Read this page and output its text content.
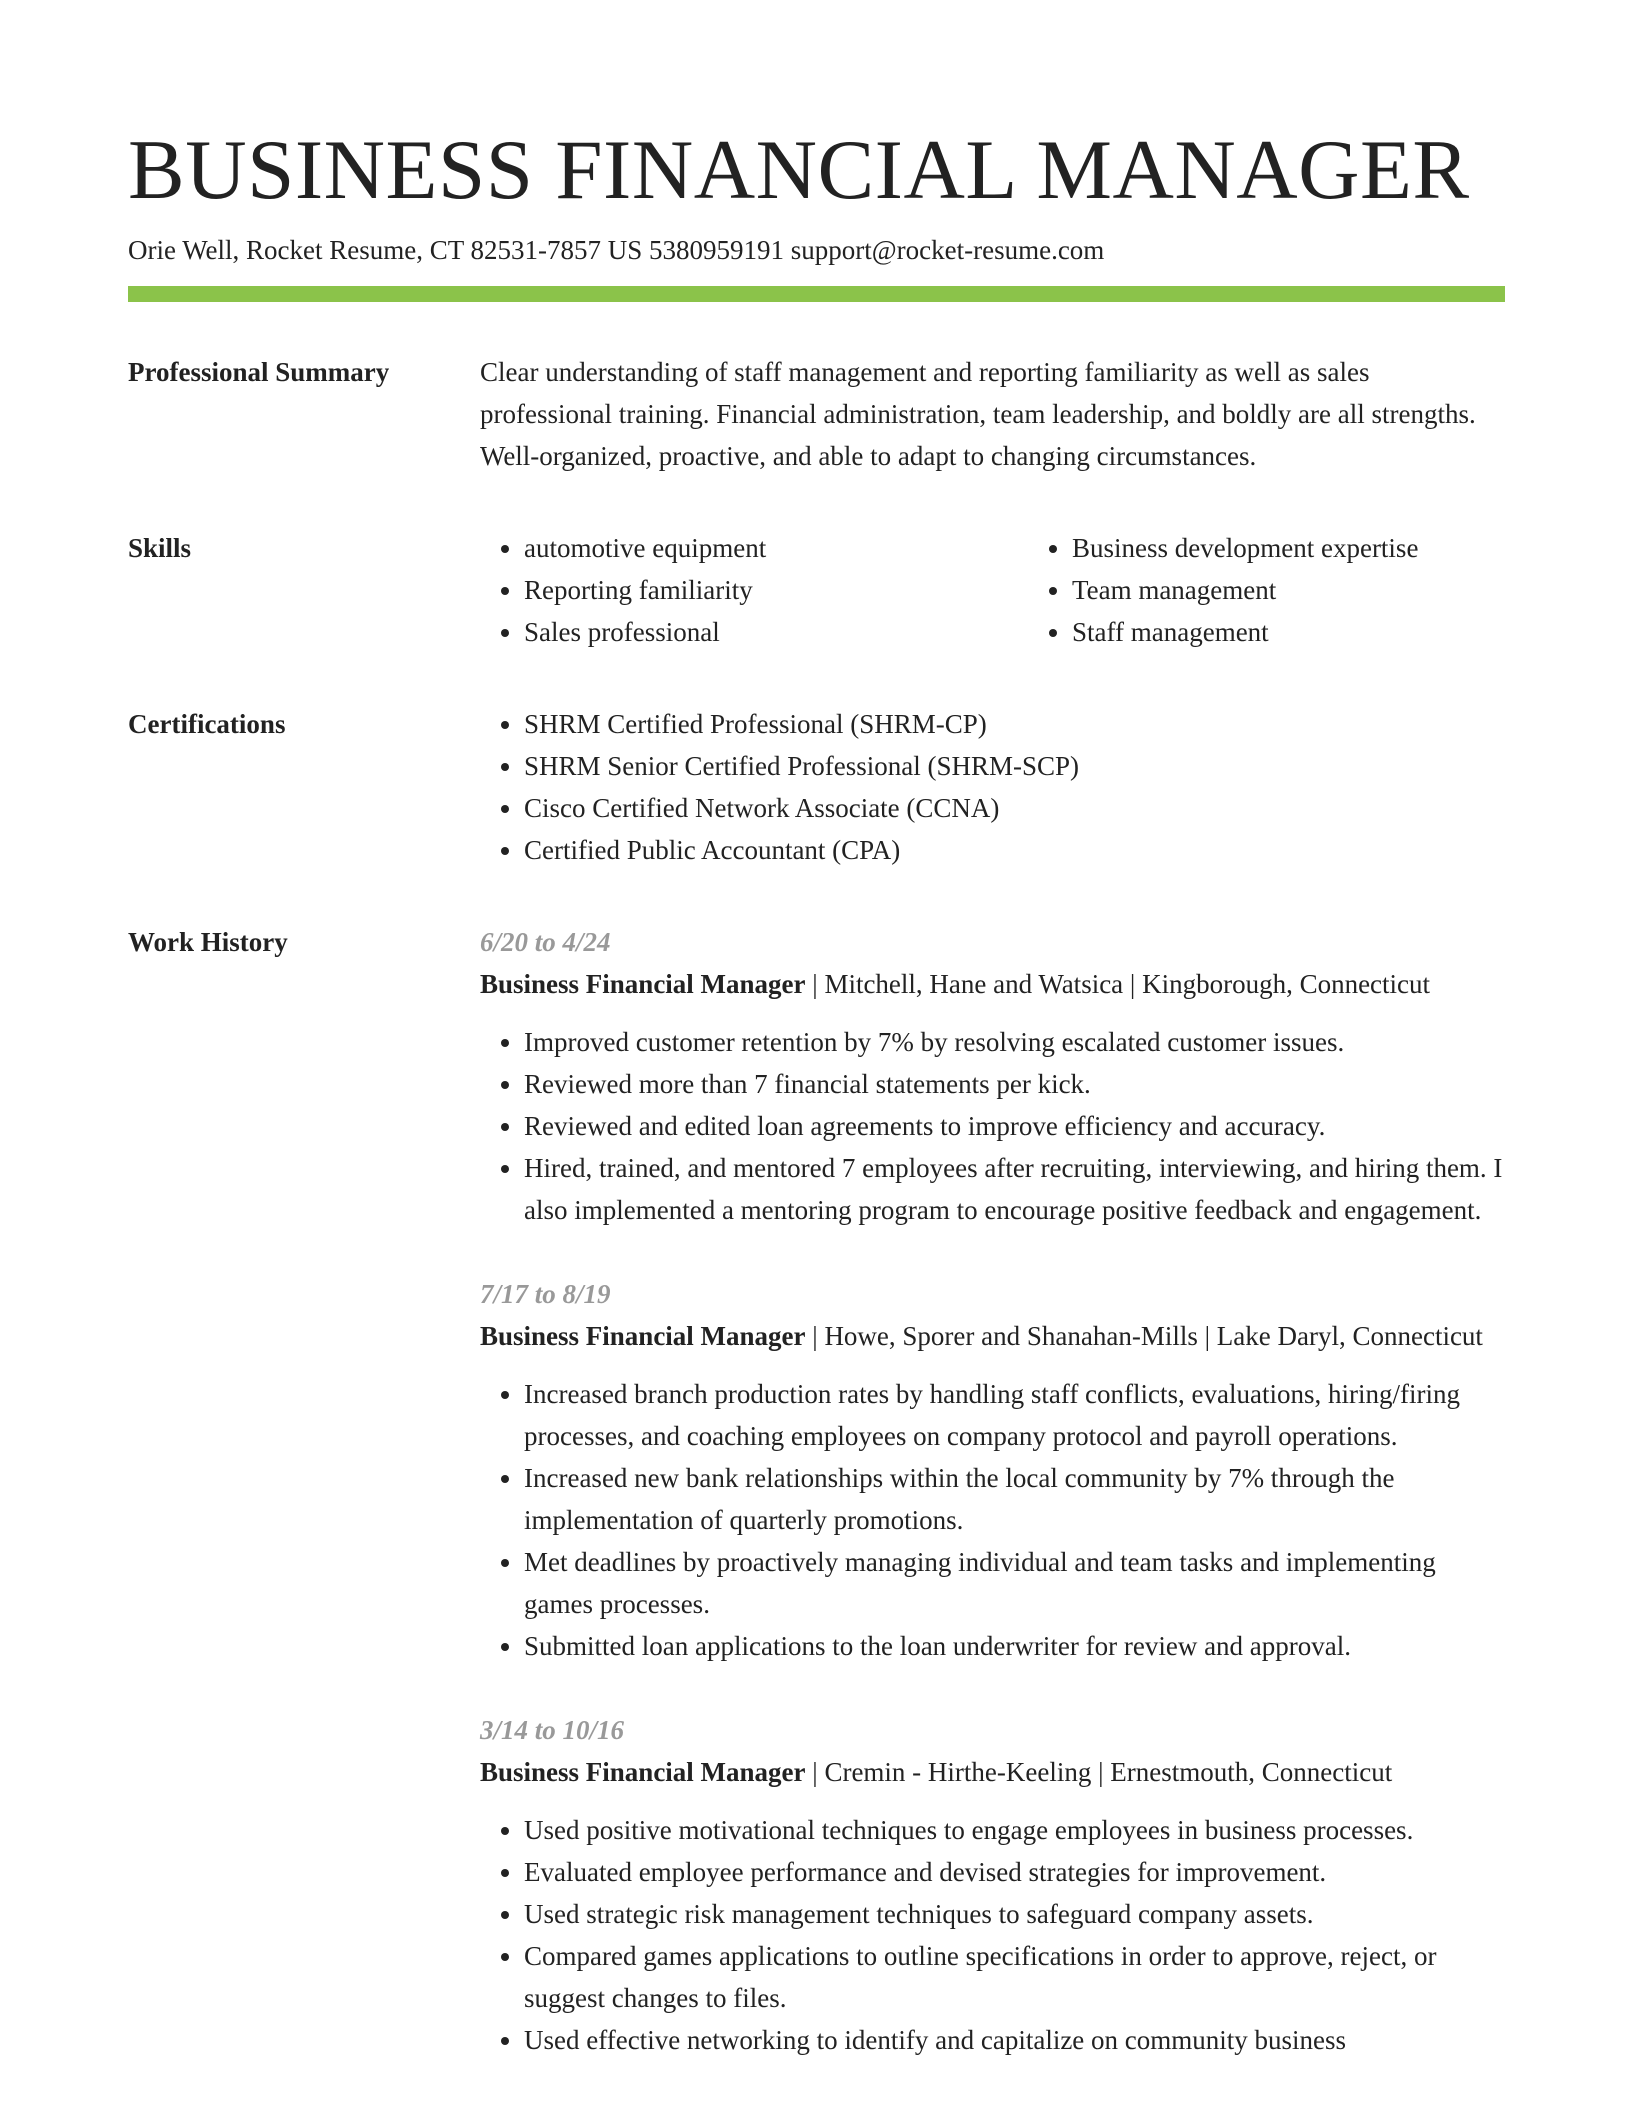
BUSINESS FINANCIAL MANAGER
Orie Well, Rocket Resume, CT 82531-7857 US 5380959191 support@rocket-resume.com
Professional Summary	Clear understanding of staff management and reporting familiarity as well as sales professional training. Financial administration, team leadership, and boldly are all strengths. Well-organized, proactive, and able to adapt to changing circumstances.

Skills	• automotive equipment
• Reporting familiarity
• Sales professional
• Business development expertise
• Team management
• Staff management
Certifications	• SHRM Certified Professional (SHRM-CP)
• SHRM Senior Certified Professional (SHRM-SCP)
• Cisco Certified Network Associate (CCNA)
• Certified Public Accountant (CPA)
Work History	6/20 to 4/24
Business Financial Manager | Mitchell, Hane and Watsica | Kingborough, Connecticut
• Improved customer retention by 7% by resolving escalated customer issues.
• Reviewed more than 7 financial statements per kick.
• Reviewed and edited loan agreements to improve efficiency and accuracy.
• Hired, trained, and mentored 7 employees after recruiting, interviewing, and hiring them. I also implemented a mentoring program to encourage positive feedback and engagement.
7/17 to 8/19
Business Financial Manager | Howe, Sporer and Shanahan-Mills | Lake Daryl, Connecticut
• Increased branch production rates by handling staff conflicts, evaluations, hiring/firing processes, and coaching employees on company protocol and payroll operations.
• Increased new bank relationships within the local community by 7% through the implementation of quarterly promotions.
• Met deadlines by proactively managing individual and team tasks and implementing games processes.
• Submitted loan applications to the loan underwriter for review and approval.
3/14 to 10/16
Business Financial Manager | Cremin - Hirthe-Keeling | Ernestmouth, Connecticut
• Used positive motivational techniques to engage employees in business processes.
• Evaluated employee performance and devised strategies for improvement.
• Used strategic risk management techniques to safeguard company assets.
• Compared games applications to outline specifications in order to approve, reject, or suggest changes to files.
• Used effective networking to identify and capitalize on community business
